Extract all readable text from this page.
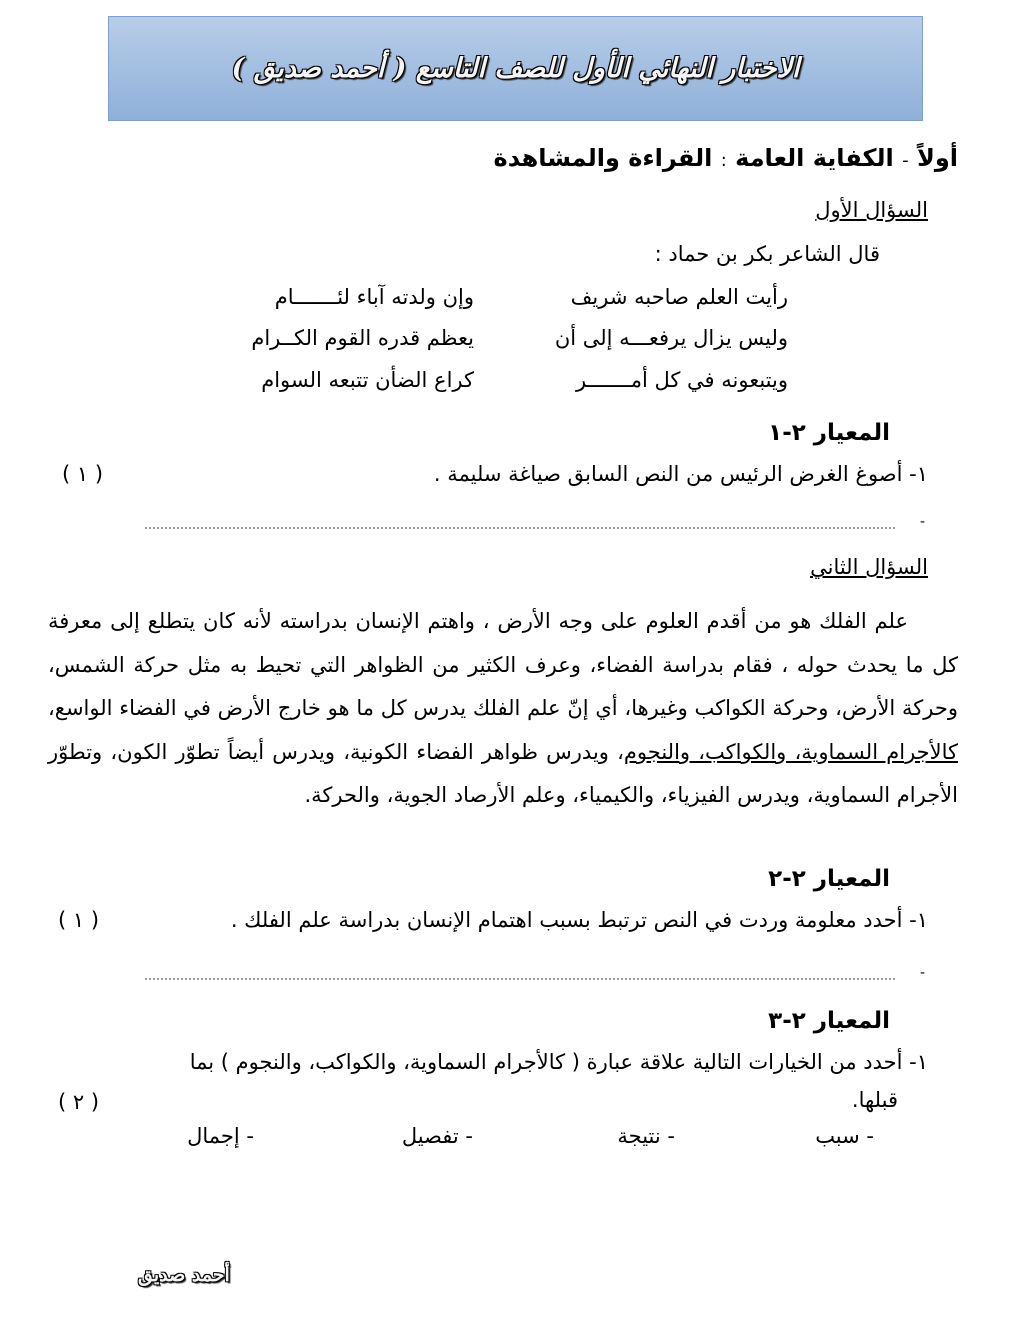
الاختبار النهائي الأول للصف التاسع ( أحمد صديق )
أولاً - الكفاية العامة : القراءة والمشاهدة
السؤال الأول
قال الشاعر بكر بن حماد :
رأيت العلم صاحبه شريف
وإن ولدته آباء لئـــــــام
وليس يزال يرفعـــه إلى أن
يعظم قدره القوم الكــرام
ويتبعونه في كل أمـــــــر
كراع الضأن تتبعه السوام
المعيار ٢-١
١- أصوغ الغرض الرئيس من النص السابق صياغة سليمة .
( ١ )
-
السؤال الثاني

علم الفلك هو من أقدم العلوم على وجه الأرض ، واهتم الإنسان بدراسته لأنه كان يتطلع إلى معرفة كل ما يحدث حوله ، فقام بدراسة الفضاء، وعرف الكثير من الظواهر التي تحيط به مثل حركة الشمس، وحركة الأرض، وحركة الكواكب وغيرها، أي إنّ علم الفلك يدرس كل ما هو خارج الأرض في الفضاء الواسع، كالأجرام السماوية، والكواكب، والنجوم، ويدرس ظواهر الفضاء الكونية، ويدرس أيضاً تطوّر الكون، وتطوّر الأجرام السماوية، ويدرس الفيزياء، والكيمياء، وعلم الأرصاد الجوية، والحركة.

المعيار ٢-٢
١- أحدد معلومة وردت في النص ترتبط بسبب اهتمام الإنسان بدراسة علم الفلك .
( ١ )
-
المعيار ٢-٣
١- أحدد من الخيارات التالية علاقة عبارة ( كالأجرام السماوية، والكواكب، والنجوم ) بما
قبلها.
( ٢ )
- سبب
- نتيجة
- تفصيل
- إجمال
أحمد صديق
